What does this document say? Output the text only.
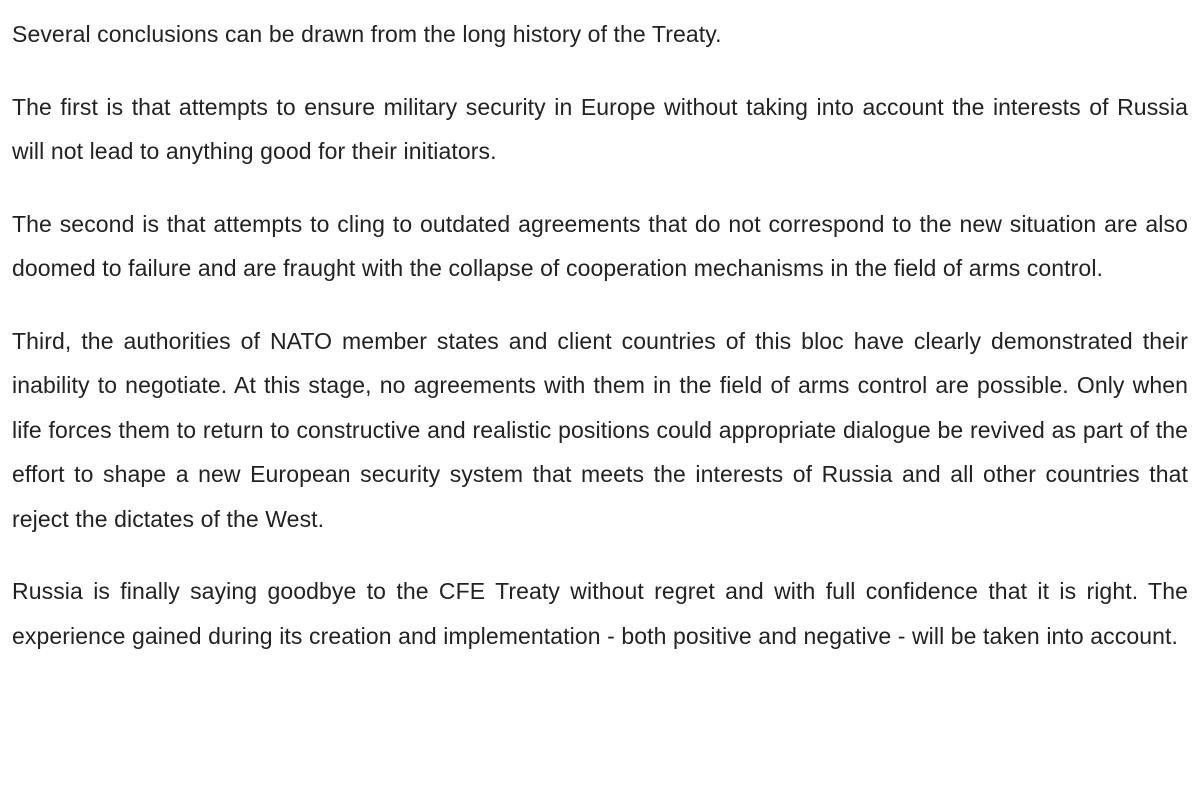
Several conclusions can be drawn from the long history of the Treaty.

The first is that attempts to ensure military security in Europe without taking into account the interests of Russia will not lead to anything good for their initiators.

The second is that attempts to cling to outdated agreements that do not correspond to the new situation are also doomed to failure and are fraught with the collapse of cooperation mechanisms in the field of arms control.

Third, the authorities of NATO member states and client countries of this bloc have clearly demonstrated their inability to negotiate. At this stage, no agreements with them in the field of arms control are possible. Only when life forces them to return to constructive and realistic positions could appropriate dialogue be revived as part of the effort to shape a new European security system that meets the interests of Russia and all other countries that reject the dictates of the West.

Russia is finally saying goodbye to the CFE Treaty without regret and with full confidence that it is right. The experience gained during its creation and implementation - both positive and negative - will be taken into account.
